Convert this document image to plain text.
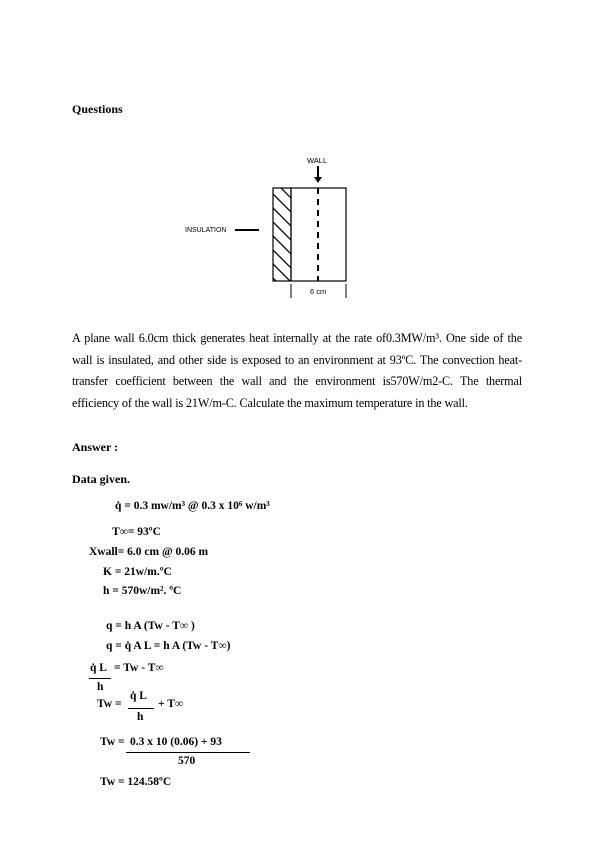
Questions
WALL
INSULATION
6 cm

A plane wall 6.0cm thick generates heat internally at the rate of0.3MW/m³. One side of the wall is insulated, and other side is exposed to an environment at 93ºC. The convection heat-transfer coefficient between the wall and the environment is570W/m2-C. The thermal efficiency of the wall is 21W/m-C. Calculate the maximum temperature in the wall.

Answer :
Data given.
q̇ = 0.3 mw/m³ @ 0.3 x 10⁶ w/m³
T∞= 93ºC
Xwall= 6.0 cm @ 0.06 m
K = 21w/m.ºC
h = 570w/m². ºC
q = h A (Tw - T∞ )
q = q̇ A L = h A (Tw - T∞)
q̇ L
h
= Tw - T∞
Tw =
q̇ L
h
+ T∞
Tw = 0.3 x 10 (0.06) + 93
570
Tw = 124.58ºC
